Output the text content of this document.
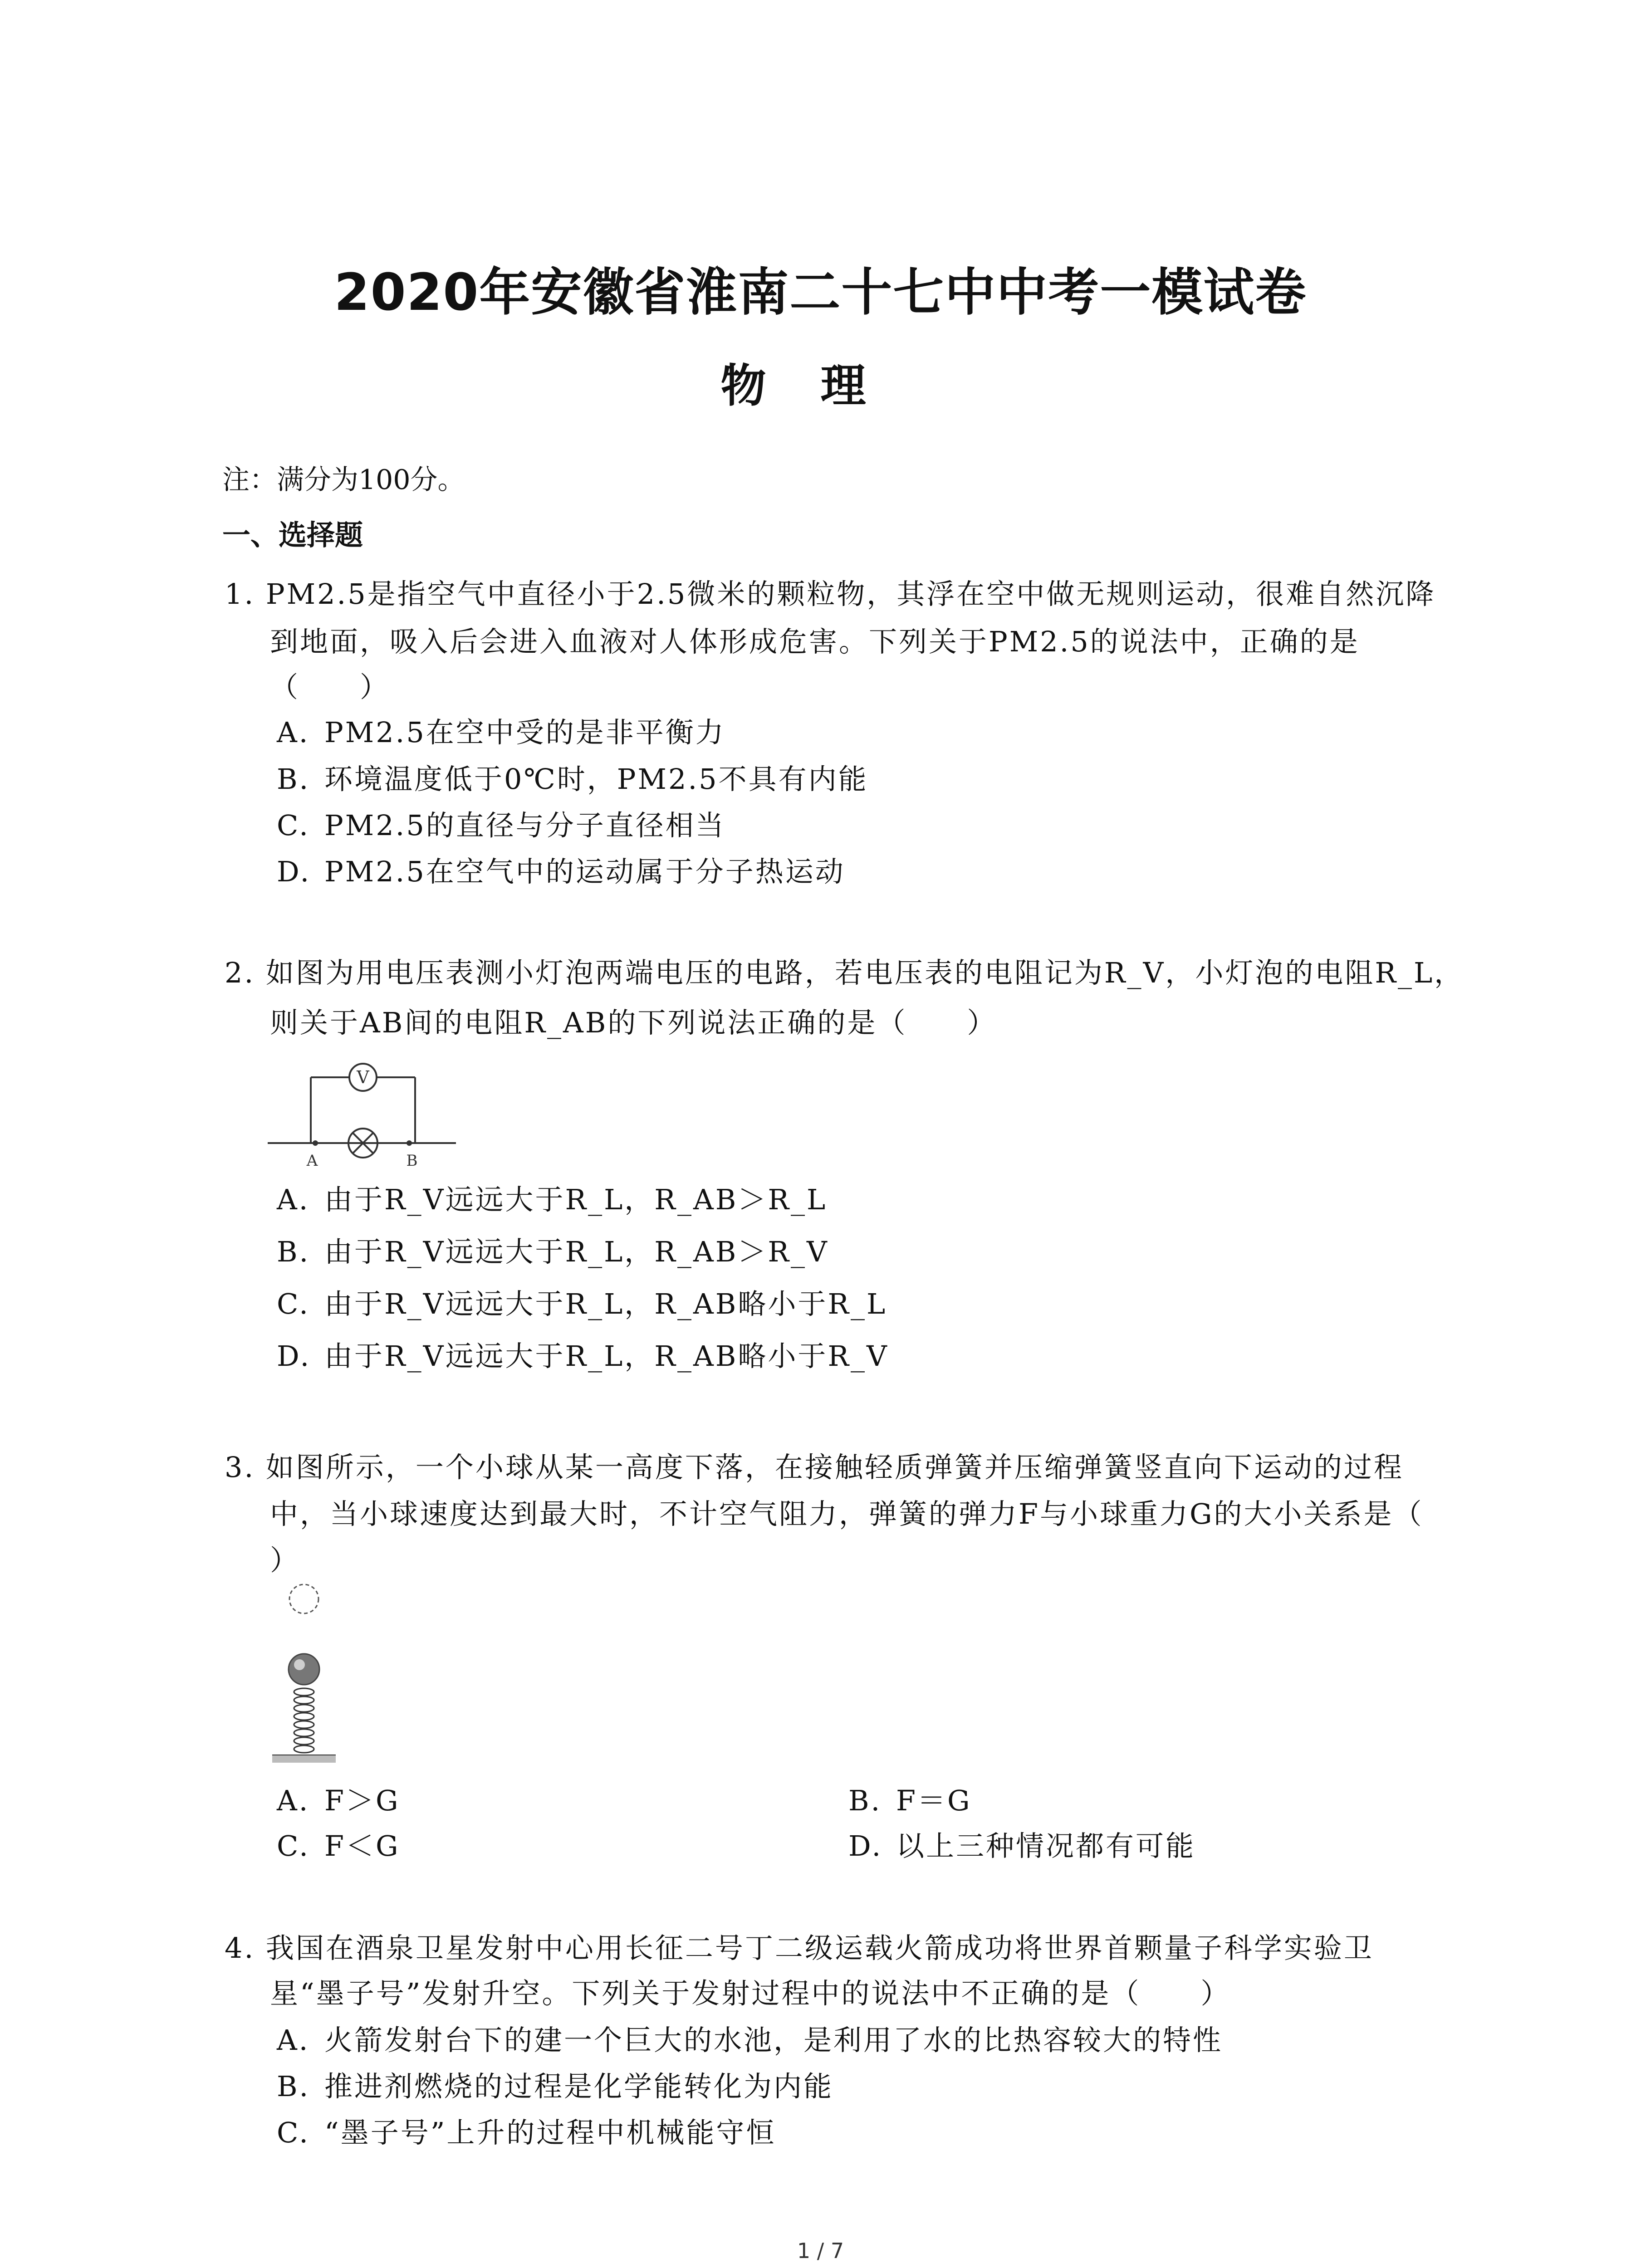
2020年安徽省淮南二十七中中考一模试卷
物理
注：满分为100分。
一、选择题
1. PM2.5是指空气中直径小于2.5微米的颗粒物，其浮在空中做无规则运动，很难自然沉降
到地面，吸入后会进入血液对人体形成危害。下列关于PM2.5的说法中，正确的是
（　　）
A. PM2.5在空中受的是非平衡力
B. 环境温度低于0℃时，PM2.5不具有内能
C. PM2.5的直径与分子直径相当
D. PM2.5在空气中的运动属于分子热运动
2. 如图为用电压表测小灯泡两端电压的电路，若电压表的电阻记为R_V，小灯泡的电阻R_L，
则关于AB间的电阻R_AB的下列说法正确的是（　　）
V
A	B
A. 由于R_V远远大于R_L，R_AB＞R_L
B. 由于R_V远远大于R_L，R_AB＞R_V
C. 由于R_V远远大于R_L，R_AB略小于R_L
D. 由于R_V远远大于R_L，R_AB略小于R_V
3. 如图所示，一个小球从某一高度下落，在接触轻质弹簧并压缩弹簧竖直向下运动的过程
中，当小球速度达到最大时，不计空气阻力，弹簧的弹力F与小球重力G的大小关系是（
）
A. F＞G	B. F＝G
C. F＜G	D. 以上三种情况都有可能
4. 我国在酒泉卫星发射中心用长征二号丁二级运载火箭成功将世界首颗量子科学实验卫
星“墨子号”发射升空。下列关于发射过程中的说法中不正确的是（　　）
A. 火箭发射台下的建一个巨大的水池，是利用了水的比热容较大的特性
B. 推进剂燃烧的过程是化学能转化为内能
C. “墨子号”上升的过程中机械能守恒
1 / 7
